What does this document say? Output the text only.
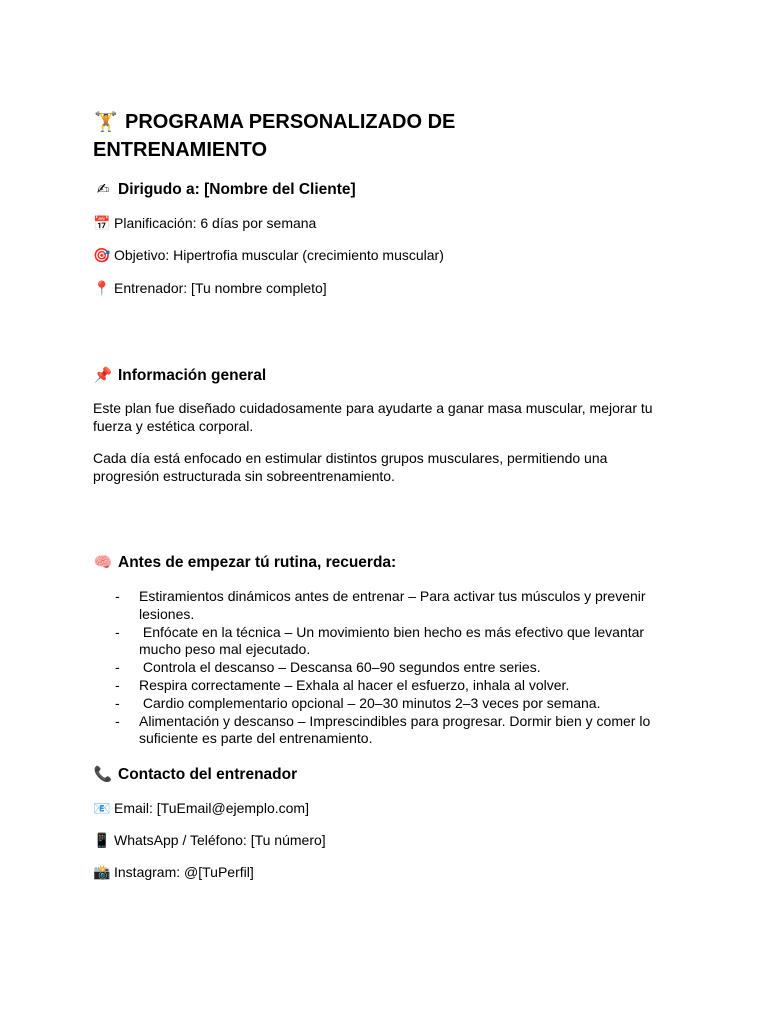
🏋 PROGRAMA PERSONALIZADO DE
ENTRENAMIENTO
✍ Dirigudo a: [Nombre del Cliente]
📅 Planificación: 6 días por semana
🎯 Objetivo: Hipertrofia muscular (crecimiento muscular)
📍 Entrenador: [Tu nombre completo]
📌 Información general
Este plan fue diseñado cuidadosamente para ayudarte a ganar masa muscular, mejorar tu
fuerza y estética corporal.
Cada día está enfocado en estimular distintos grupos musculares, permitiendo una
progresión estructurada sin sobreentrenamiento.
🧠 Antes de empezar tú rutina, recuerda:
- Estiramientos dinámicos antes de entrenar – Para activar tus músculos y prevenir
lesiones.
- Enfócate en la técnica – Un movimiento bien hecho es más efectivo que levantar
mucho peso mal ejecutado.
- Controla el descanso – Descansa 60–90 segundos entre series.
- Respira correctamente – Exhala al hacer el esfuerzo, inhala al volver.
- Cardio complementario opcional – 20–30 minutos 2–3 veces por semana.
- Alimentación y descanso – Imprescindibles para progresar. Dormir bien y comer lo
suficiente es parte del entrenamiento.
📞 Contacto del entrenador
📧 Email: [TuEmail@ejemplo.com]
📱 WhatsApp / Teléfono: [Tu número]
📸 Instagram: @[TuPerfil]
